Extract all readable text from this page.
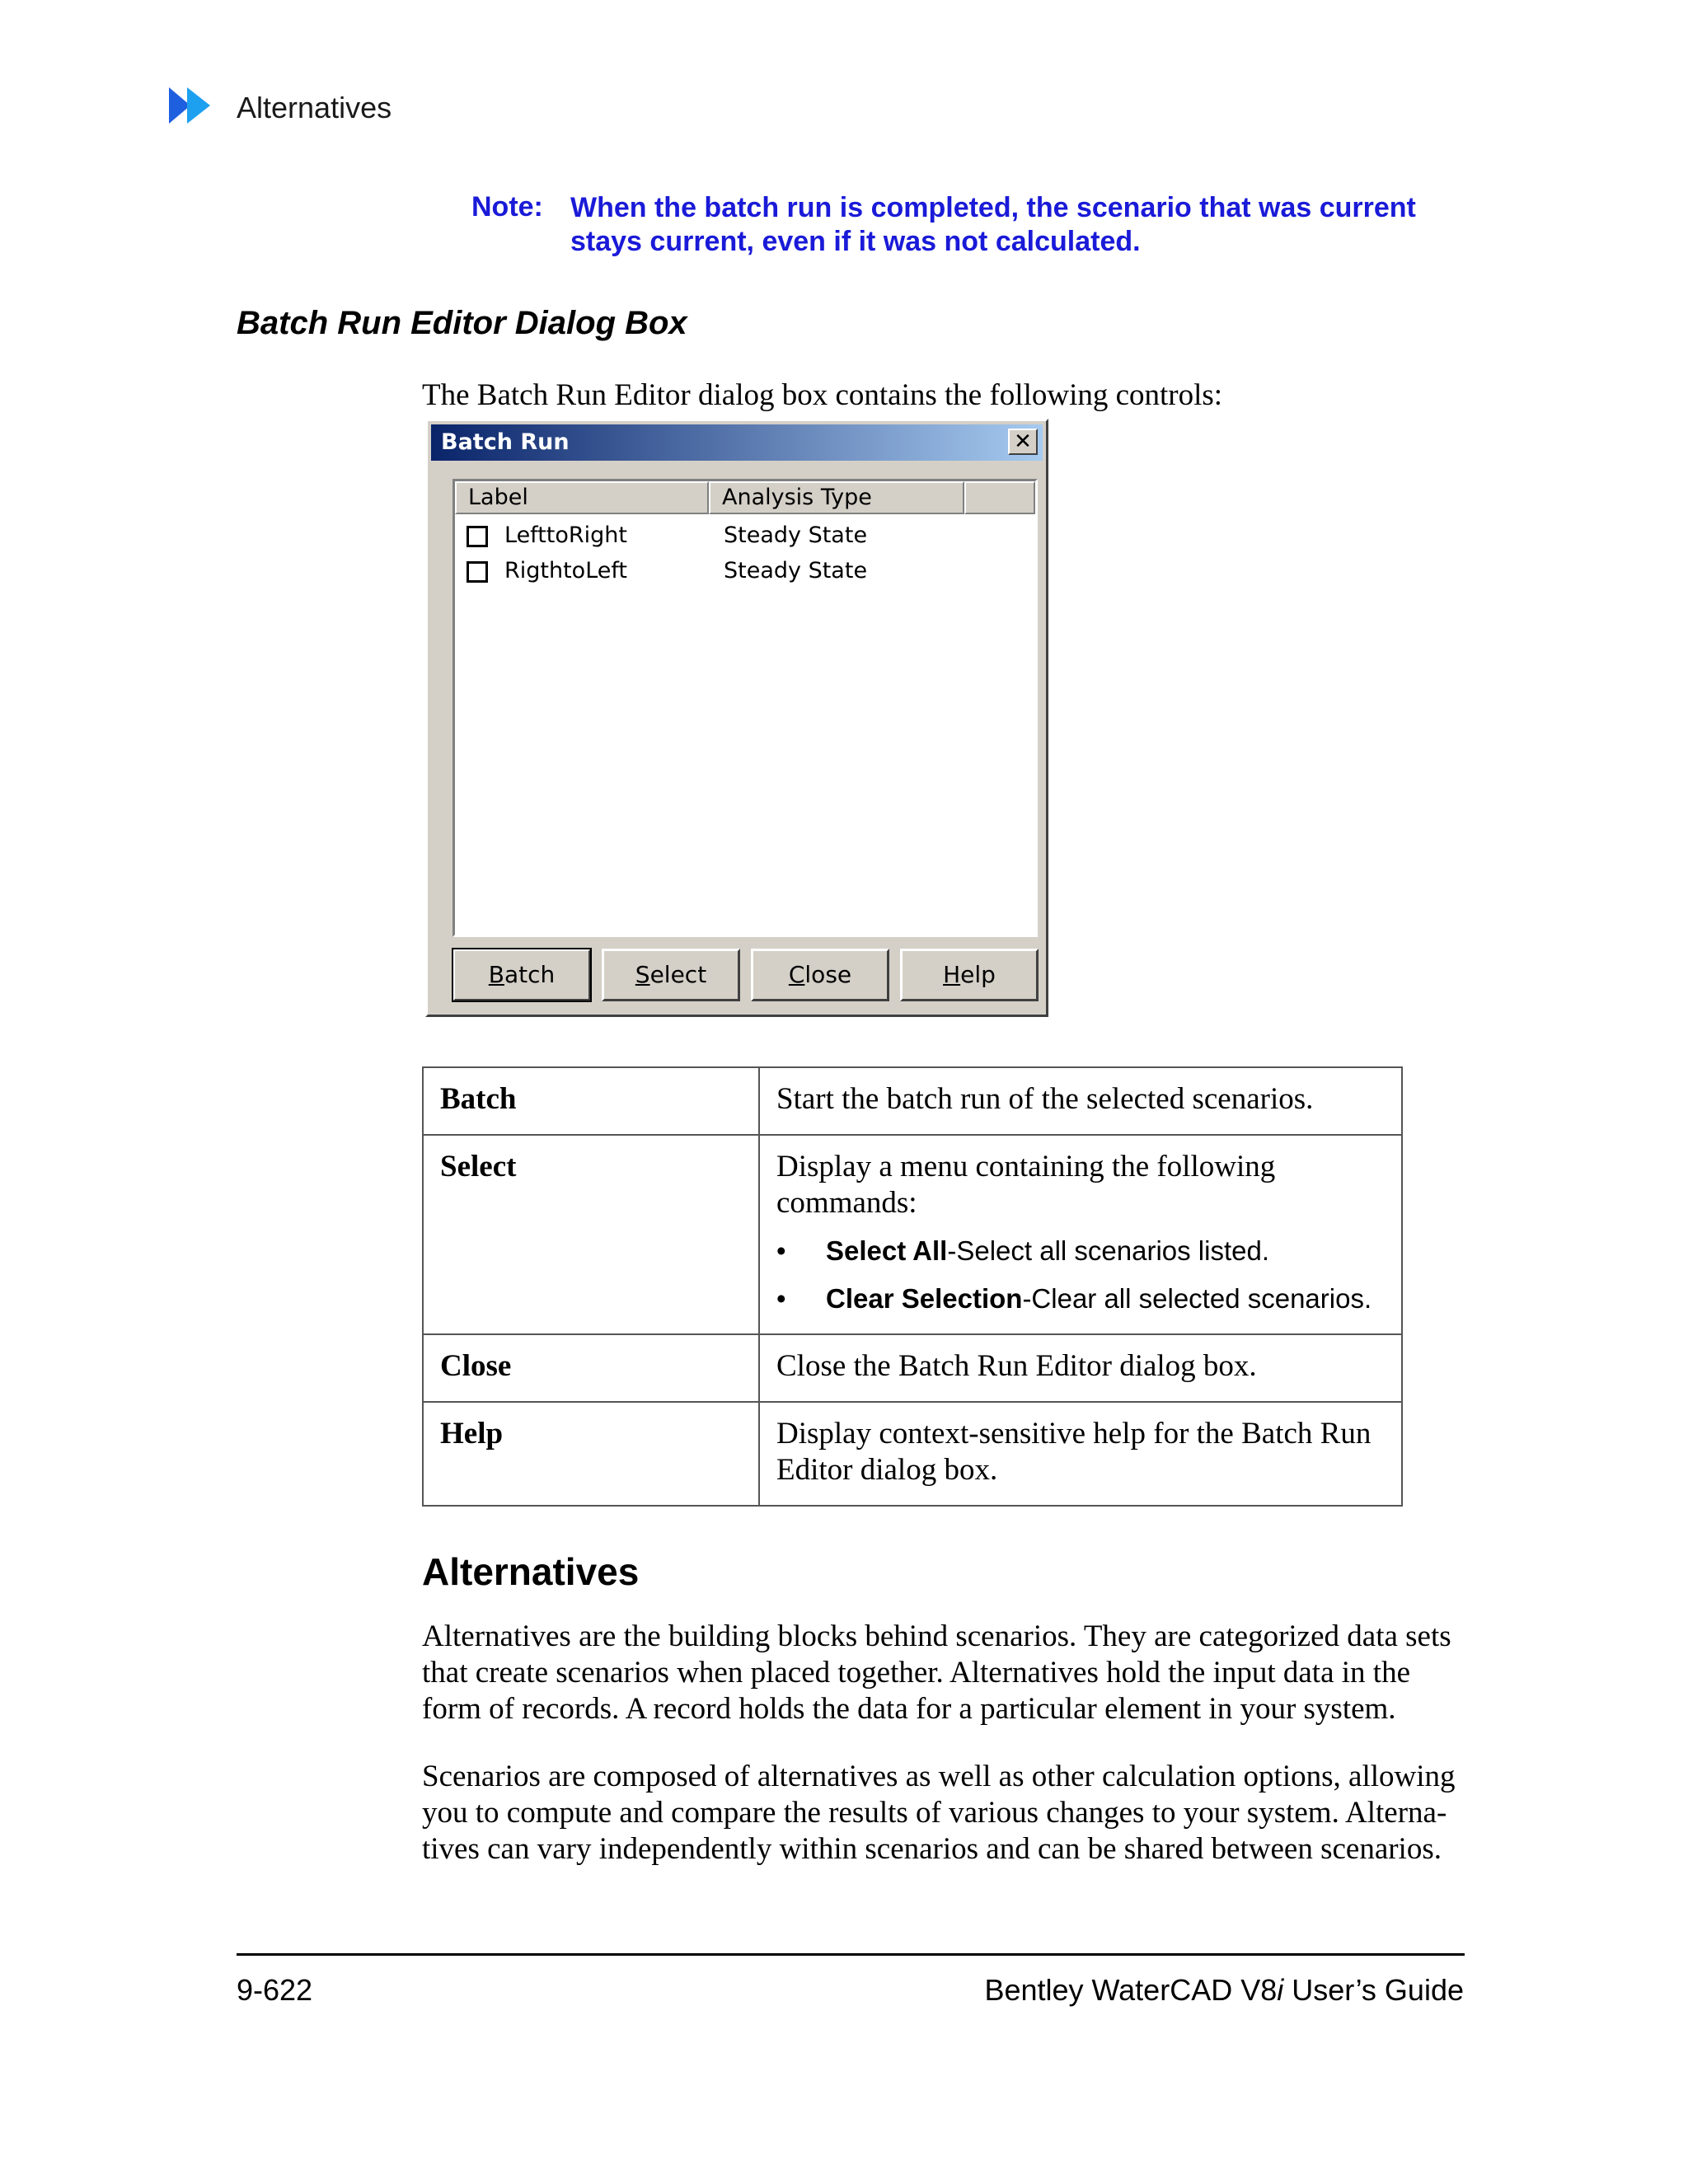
Alternatives
Note: When the batch run is completed, the scenario that was current stays current, even if it was not calculated.
Batch Run Editor Dialog Box
The Batch Run Editor dialog box contains the following controls:
Batch Run	✕
Label	Analysis Type
LefttoRight	Steady State
RigthtoLeft	Steady State
Batch	Select	Close	Help
Batch	Start the batch run of the selected scenarios.
Select	Display a menu containing the following commands:
• Select All-Select all scenarios listed.
• Clear Selection-Clear all selected scenarios.

Close	Close the Batch Run Editor dialog box.
Help	Display context-sensitive help for the Batch Run Editor dialog box.
Alternatives
Alternatives are the building blocks behind scenarios. They are categorized data sets that create scenarios when placed together. Alternatives hold the input data in the form of records. A record holds the data for a particular element in your system.
Scenarios are composed of alternatives as well as other calculation options, allowing you to compute and compare the results of various changes to your system. Alterna-tives can vary independently within scenarios and can be shared between scenarios.
9-622	Bentley WaterCAD V8i User’s Guide
